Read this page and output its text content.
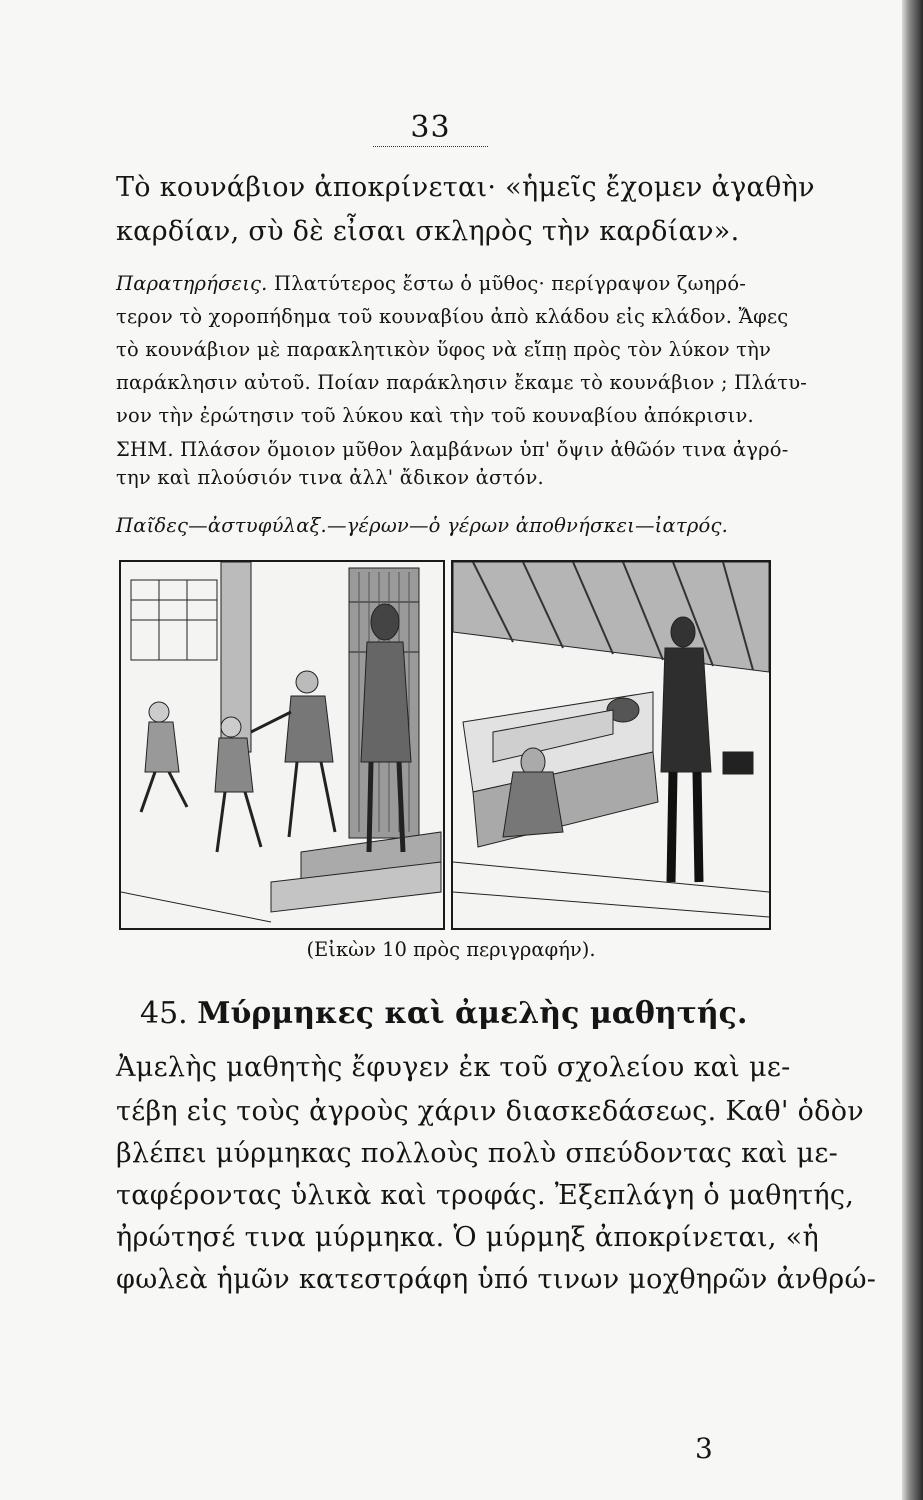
33
Τὸ κουνάβιον ἀποκρίνεται· «ἡμεῖς ἔχομεν ἀγαθὴν
καρδίαν, σὺ δὲ εἶσαι σκληρὸς τὴν καρδίαν».
Παρατηρήσεις. Πλατύτερος ἔστω ὁ μῦθος· περίγραψον ζωηρό-
τερον τὸ χοροπήδημα τοῦ κουναβίου ἀπὸ κλάδου εἰς κλάδον. Ἄφες
τὸ κουνάβιον μὲ παρακλητικὸν ὕφος νὰ εἴπῃ πρὸς τὸν λύκον τὴν
παράκλησιν αὐτοῦ. Ποίαν παράκλησιν ἔκαμε τὸ κουνάβιον ; Πλάτυ-
νον τὴν ἐρώτησιν τοῦ λύκου καὶ τὴν τοῦ κουναβίου ἀπόκρισιν.
ΣΗΜ. Πλάσον ὅμοιον μῦθον λαμβάνων ὑπ' ὄψιν ἀθῶόν τινα ἀγρό-
την καὶ πλούσιόν τινα ἀλλ' ἄδικον ἀστόν.
Παῖδες—ἀστυφύλαξ.—γέρων—ὁ γέρων ἀποθνήσκει—ἰατρός.
(Εἰκὼν 10 πρὸς περιγραφήν).
45. Μύρμηκες καὶ ἀμελὴς μαθητής.
Ἀμελὴς μαθητὴς ἔφυγεν ἐκ τοῦ σχολείου καὶ με-
τέβη εἰς τοὺς ἀγροὺς χάριν διασκεδάσεως. Καθ' ὁδὸν
βλέπει μύρμηκας πολλοὺς πολὺ σπεύδοντας καὶ με-
ταφέροντας ὑλικὰ καὶ τροφάς. Ἐξεπλάγη ὁ μαθητής,
ἠρώτησέ τινα μύρμηκα. Ὁ μύρμηξ ἀποκρίνεται, «ἡ
φωλεὰ ἡμῶν κατεστράφη ὑπό τινων μοχθηρῶν ἀνθρώ-
3
